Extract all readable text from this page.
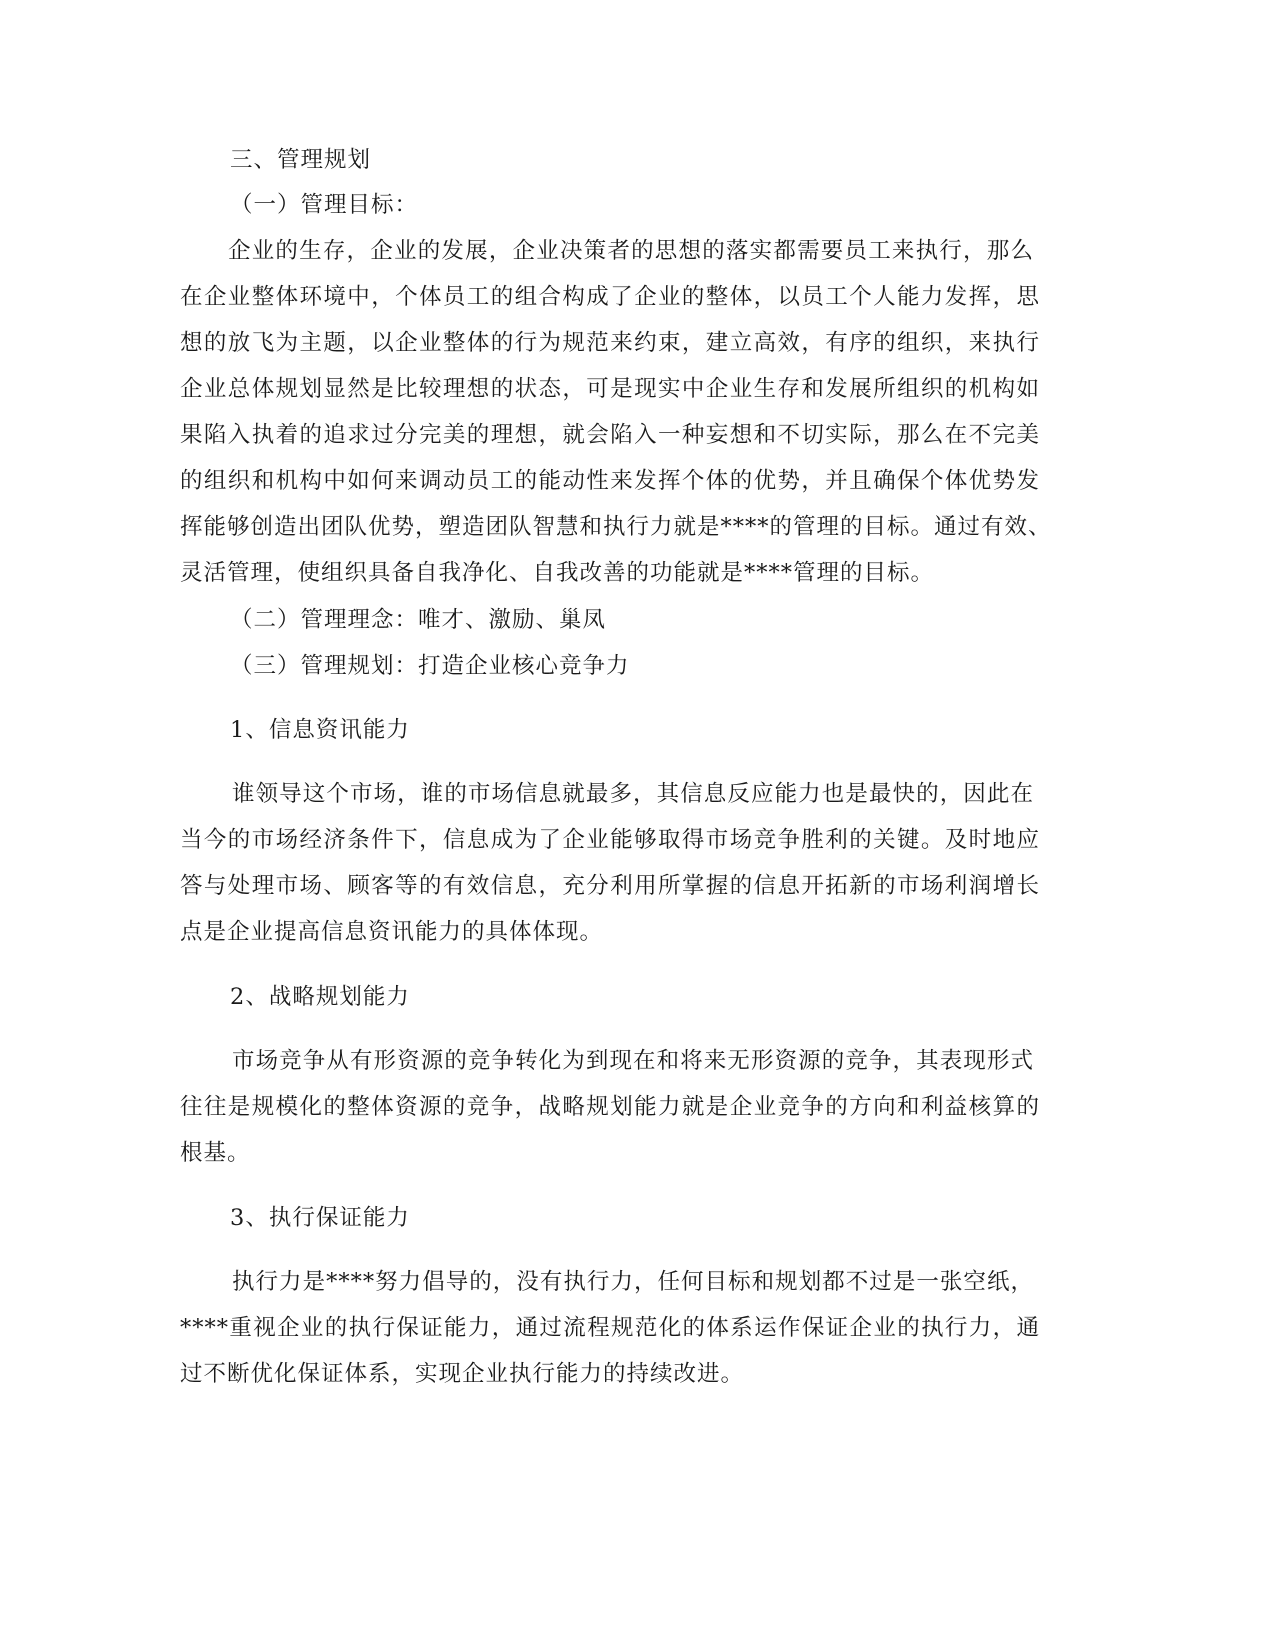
三、管理规划
（一）管理目标：
企业的生存，企业的发展，企业决策者的思想的落实都需要员工来执行，那么
在企业整体环境中，个体员工的组合构成了企业的整体，以员工个人能力发挥，思
想的放飞为主题，以企业整体的行为规范来约束，建立高效，有序的组织，来执行
企业总体规划显然是比较理想的状态，可是现实中企业生存和发展所组织的机构如
果陷入执着的追求过分完美的理想，就会陷入一种妄想和不切实际，那么在不完美
的组织和机构中如何来调动员工的能动性来发挥个体的优势，并且确保个体优势发
挥能够创造出团队优势，塑造团队智慧和执行力就是****的管理的目标。通过有效、
灵活管理，使组织具备自我净化、自我改善的功能就是****管理的目标。
（二）管理理念：唯才、激励、巢凤
（三）管理规划：打造企业核心竞争力
1、信息资讯能力
谁领导这个市场，谁的市场信息就最多，其信息反应能力也是最快的，因此在
当今的市场经济条件下，信息成为了企业能够取得市场竞争胜利的关键。及时地应
答与处理市场、顾客等的有效信息，充分利用所掌握的信息开拓新的市场利润增长
点是企业提高信息资讯能力的具体体现。
2、战略规划能力
市场竞争从有形资源的竞争转化为到现在和将来无形资源的竞争，其表现形式
往往是规模化的整体资源的竞争，战略规划能力就是企业竞争的方向和利益核算的
根基。
3、执行保证能力
执行力是****努力倡导的，没有执行力，任何目标和规划都不过是一张空纸，
****重视企业的执行保证能力，通过流程规范化的体系运作保证企业的执行力，通
过不断优化保证体系，实现企业执行能力的持续改进。
